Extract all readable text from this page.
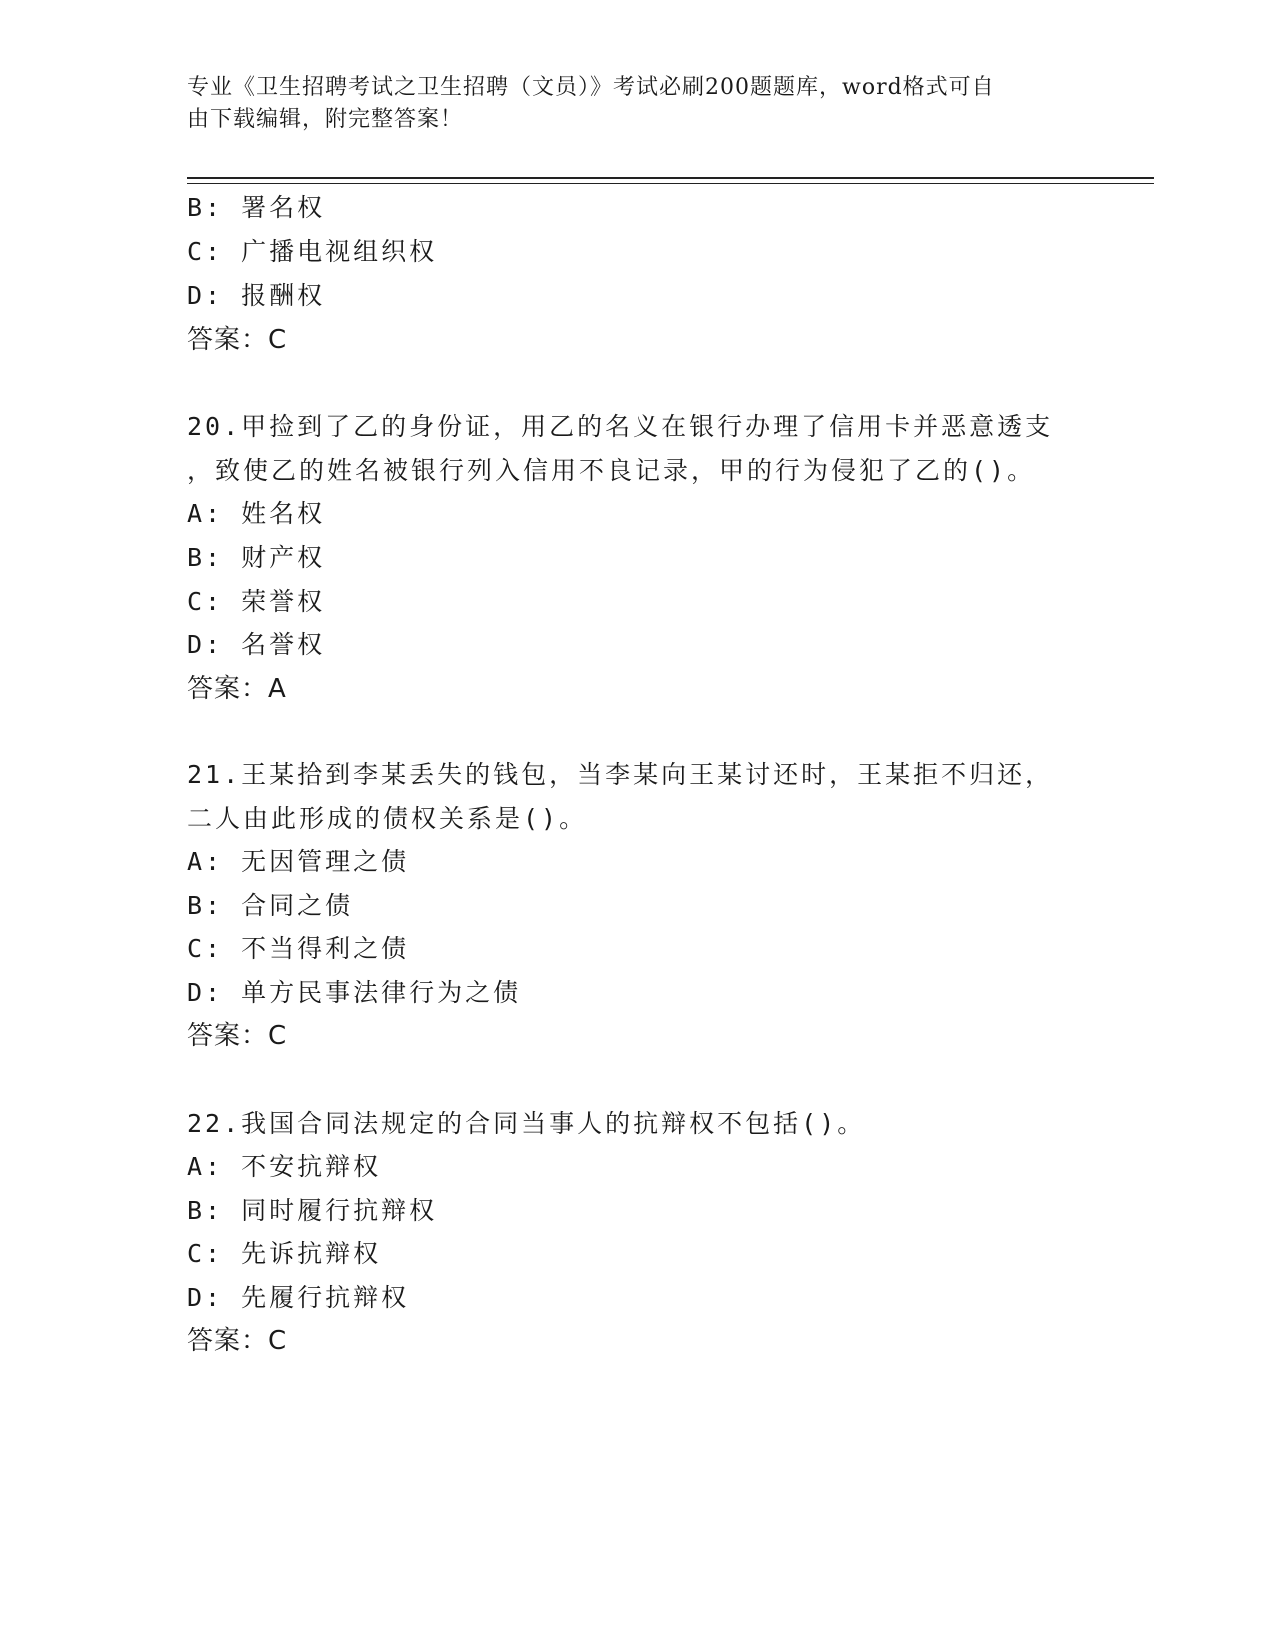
专业《卫生招聘考试之卫生招聘（文员）》考试必刷200题题库，word格式可自
由下载编辑，附完整答案！
B: 署名权
C: 广播电视组织权
D: 报酬权
答案：C
20.甲捡到了乙的身份证，用乙的名义在银行办理了信用卡并恶意透支
，致使乙的姓名被银行列入信用不良记录，甲的行为侵犯了乙的()。
A: 姓名权
B: 财产权
C: 荣誉权
D: 名誉权
答案：A
21.王某拾到李某丢失的钱包，当李某向王某讨还时，王某拒不归还，
二人由此形成的债权关系是()。
A: 无因管理之债
B: 合同之债
C: 不当得利之债
D: 单方民事法律行为之债
答案：C
22.我国合同法规定的合同当事人的抗辩权不包括()。
A: 不安抗辩权
B: 同时履行抗辩权
C: 先诉抗辩权
D: 先履行抗辩权
答案：C
